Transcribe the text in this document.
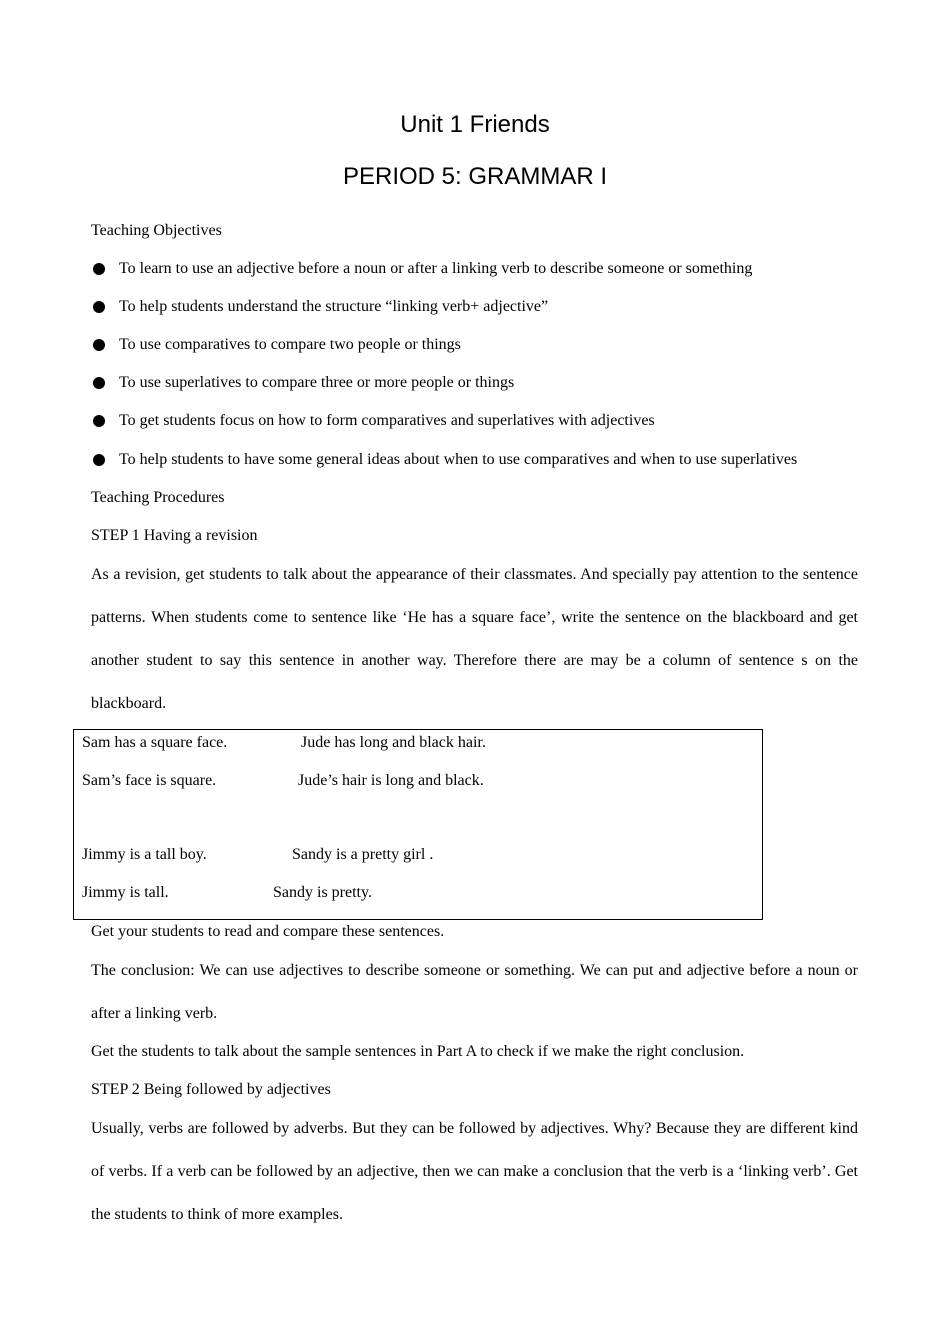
Unit 1 Friends
PERIOD 5: GRAMMAR I
Teaching Objectives
To learn to use an adjective before a noun or after a linking verb to describe someone or something
To help students understand the structure “linking verb+ adjective”
To use comparatives to compare two people or things
To use superlatives to compare three or more people or things
To get students focus on how to form comparatives and superlatives with adjectives
To help students to have some general ideas about when to use comparatives and when to use superlatives
Teaching Procedures
STEP 1 Having a revision
As a revision, get students to talk about the appearance of their classmates. And specially pay attention to the sentence patterns. When students come to sentence like ‘He has a square face’, write the sentence on the blackboard and get another student to say this sentence in another way. Therefore there are may be a column of sentence s on the blackboard.
Sam has a square face.	Jude has long and black hair.
Sam’s face is square.	Jude’s hair is long and black.
Jimmy is a tall boy.	Sandy is a pretty girl .
Jimmy is tall.	Sandy is pretty.
Get your students to read and compare these sentences.
The conclusion: We can use adjectives to describe someone or something. We can put and adjective before a noun or after a linking verb.
Get the students to talk about the sample sentences in Part A to check if we make the right conclusion.
STEP 2 Being followed by adjectives
Usually, verbs are followed by adverbs. But they can be followed by adjectives. Why? Because they are different kind of verbs. If a verb can be followed by an adjective, then we can make a conclusion that the verb is a ‘linking verb’. Get the students to think of more examples.
